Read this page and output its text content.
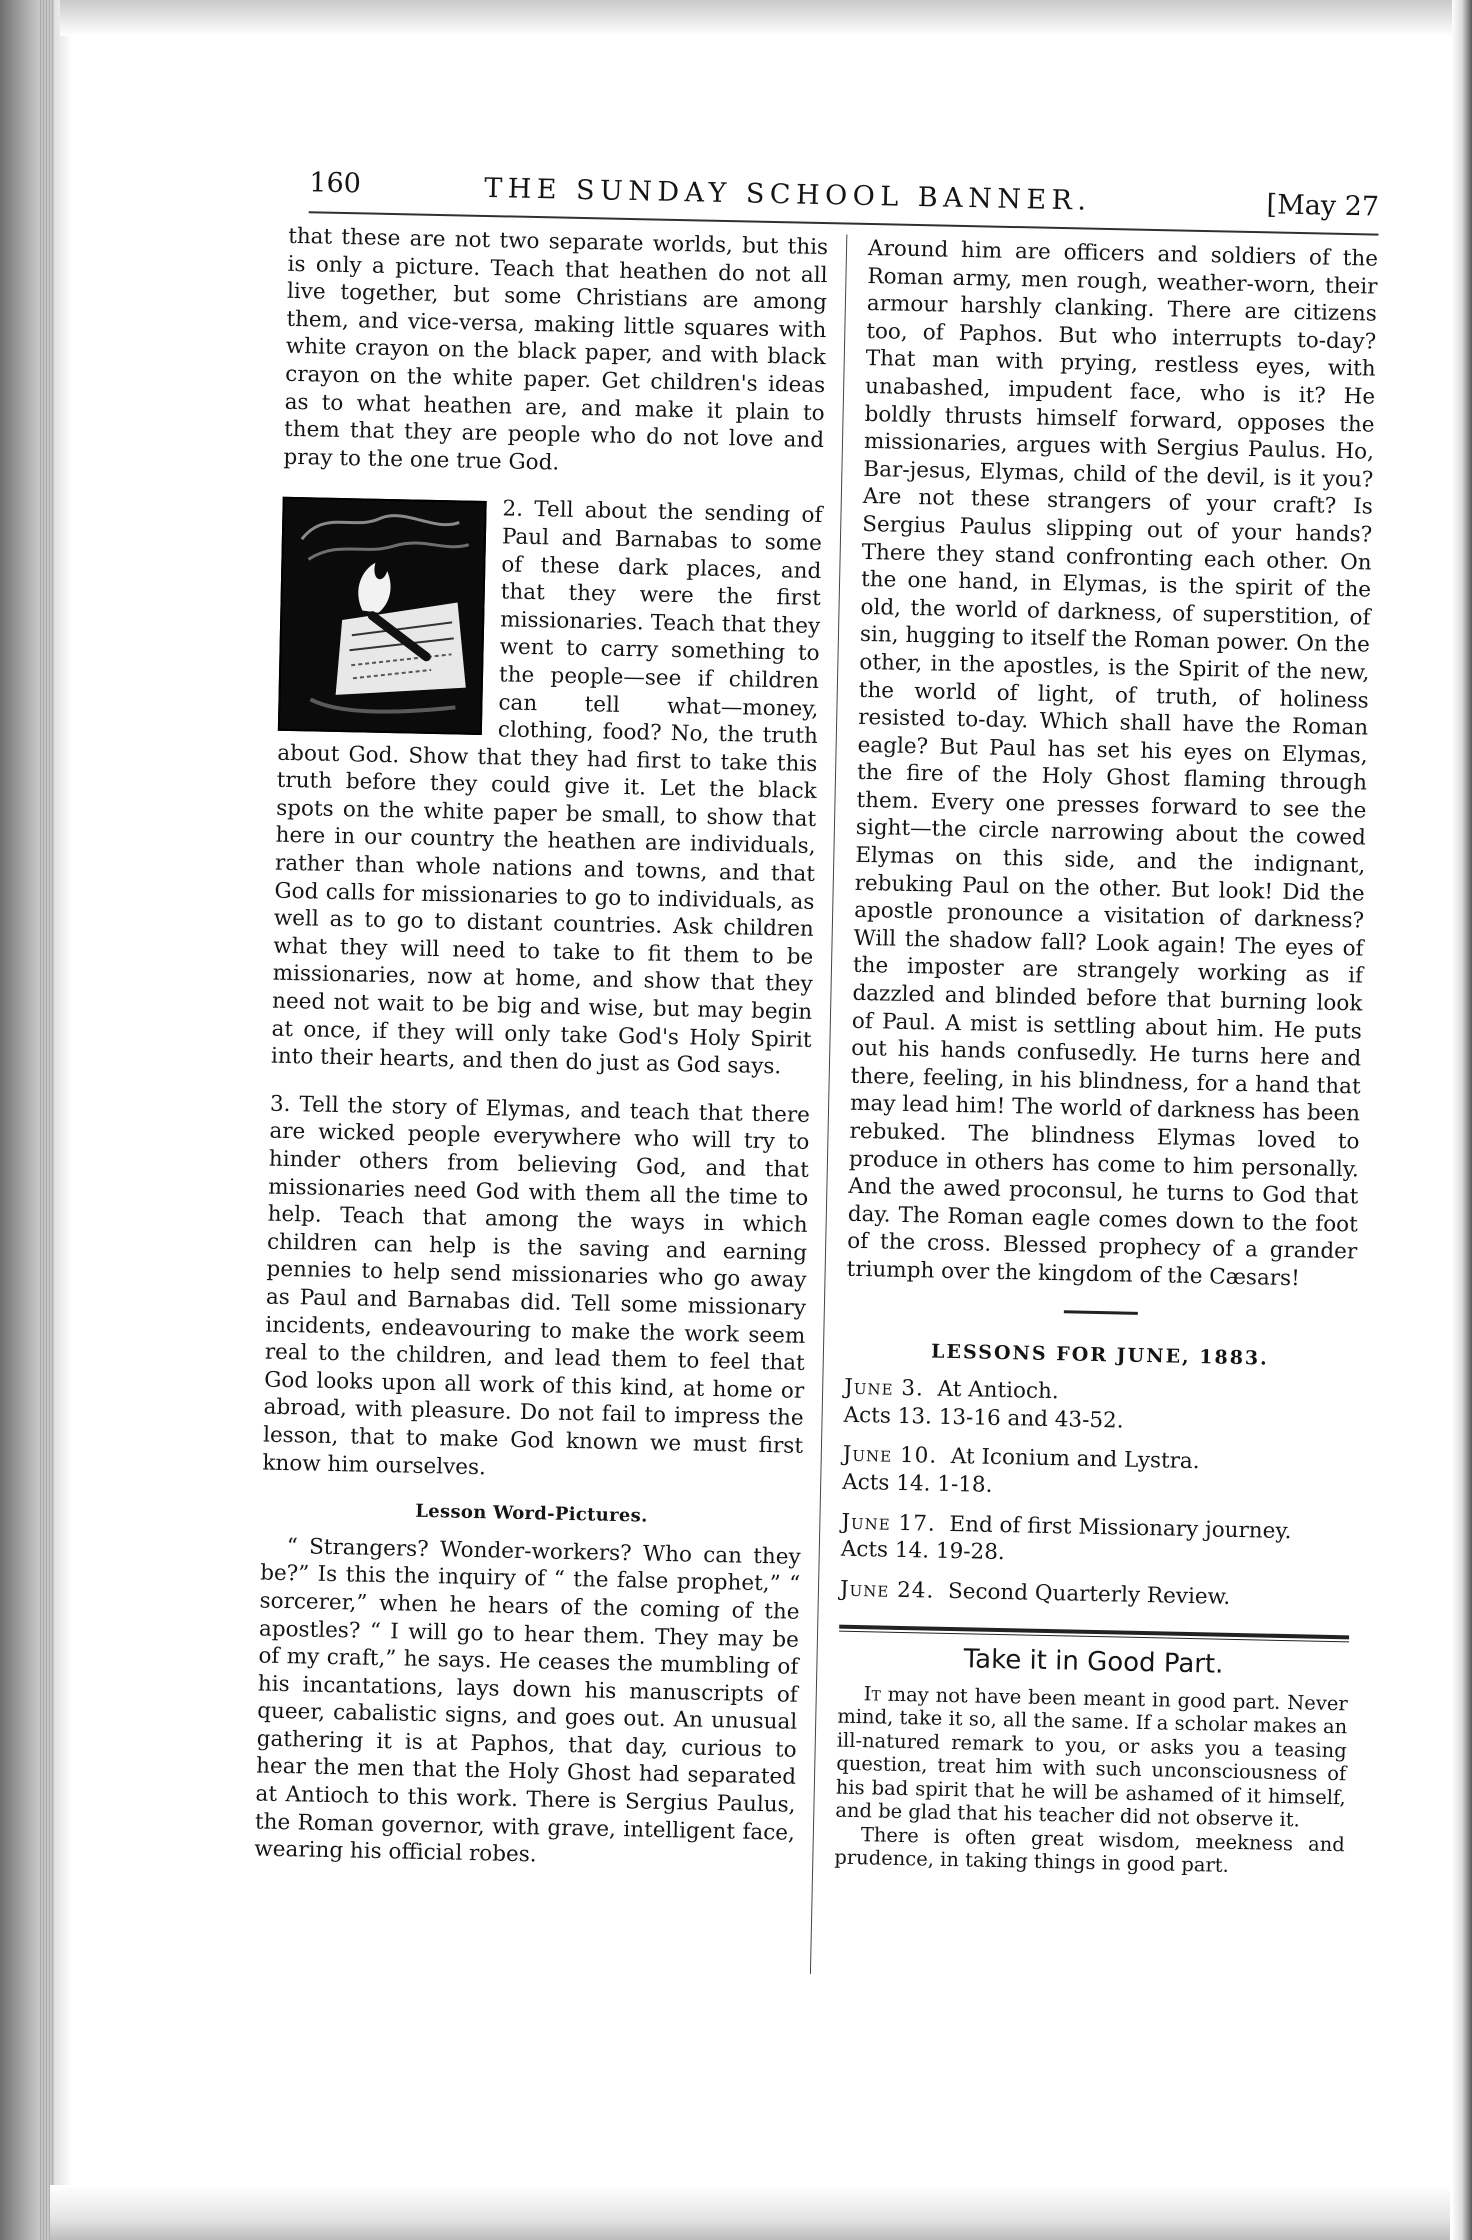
160	THE SUNDAY SCHOOL BANNER.	[May 27

that these are not two separate worlds, but this is only a picture. Teach that heathen do not all live together, but some Christians are among them, and vice-versa, making little squares with white crayon on the black paper, and with black crayon on the white paper. Get children's ideas as to what heathen are, and make it plain to them that they are people who do not love and pray to the one true God.

2. Tell about the sending of Paul and Barnabas to some of these dark places, and that they were the first missionaries. Teach that they went to carry something to the people—see if children can tell what—money, clothing, food? No, the truth about God. Show that they had first to take this truth before they could give it. Let the black spots on the white paper be small, to show that here in our country the heathen are individuals, rather than whole nations and towns, and that God calls for missionaries to go to individuals, as well as to go to distant countries. Ask children what they will need to take to fit them to be missionaries, now at home, and show that they need not wait to be big and wise, but may begin at once, if they will only take God's Holy Spirit into their hearts, and then do just as God says.

3. Tell the story of Elymas, and teach that there are wicked people everywhere who will try to hinder others from believing God, and that missionaries need God with them all the time to help. Teach that among the ways in which children can help is the saving and earning pennies to help send missionaries who go away as Paul and Barnabas did. Tell some missionary incidents, endeavouring to make the work seem real to the children, and lead them to feel that God looks upon all work of this kind, at home or abroad, with pleasure. Do not fail to impress the lesson, that to make God known we must first know him ourselves.

Lesson Word-Pictures.

“ Strangers? Wonder-workers? Who can they be?” Is this the inquiry of “ the false prophet,” “ sorcerer,” when he hears of the coming of the apostles? “ I will go to hear them. They may be of my craft,” he says. He ceases the mumbling of his incantations, lays down his manuscripts of queer, cabalistic signs, and goes out. An unusual gathering it is at Paphos, that day, curious to hear the men that the Holy Ghost had separated at Antioch to this work. There is Sergius Paulus, the Roman governor, with grave, intelligent face, wearing his official robes.

Around him are officers and soldiers of the Roman army, men rough, weather-worn, their armour harshly clanking. There are citizens too, of Paphos. But who interrupts to-day? That man with prying, restless eyes, with unabashed, impudent face, who is it? He boldly thrusts himself forward, opposes the missionaries, argues with Sergius Paulus. Ho, Bar-jesus, Elymas, child of the devil, is it you? Are not these strangers of your craft? Is Sergius Paulus slipping out of your hands? There they stand confronting each other. On the one hand, in Elymas, is the spirit of the old, the world of darkness, of superstition, of sin, hugging to itself the Roman power. On the other, in the apostles, is the Spirit of the new, the world of light, of truth, of holiness resisted to-day. Which shall have the Roman eagle? But Paul has set his eyes on Elymas, the fire of the Holy Ghost flaming through them. Every one presses forward to see the sight—the circle narrowing about the cowed Elymas on this side, and the indignant, rebuking Paul on the other. But look! Did the apostle pronounce a visitation of darkness? Will the shadow fall? Look again! The eyes of the imposter are strangely working as if dazzled and blinded before that burning look of Paul. A mist is settling about him. He puts out his hands confusedly. He turns here and there, feeling, in his blindness, for a hand that may lead him! The world of darkness has been rebuked. The blindness Elymas loved to produce in others has come to him personally. And the awed proconsul, he turns to God that day. The Roman eagle comes down to the foot of the cross. Blessed prophecy of a grander triumph over the kingdom of the Cæsars!

LESSONS FOR JUNE, 1883.
June 3. At Antioch.
Acts 13. 13-16 and 43-52.
June 10. At Iconium and Lystra.
Acts 14. 1-18.
June 17. End of first Missionary journey.
Acts 14. 19-28.
June 24. Second Quarterly Review.
Take it in Good Part.

It may not have been meant in good part. Never mind, take it so, all the same. If a scholar makes an ill-natured remark to you, or asks you a teasing question, treat him with such unconsciousness of his bad spirit that he will be ashamed of it himself, and be glad that his teacher did not observe it.

There is often great wisdom, meekness and prudence, in taking things in good part.
